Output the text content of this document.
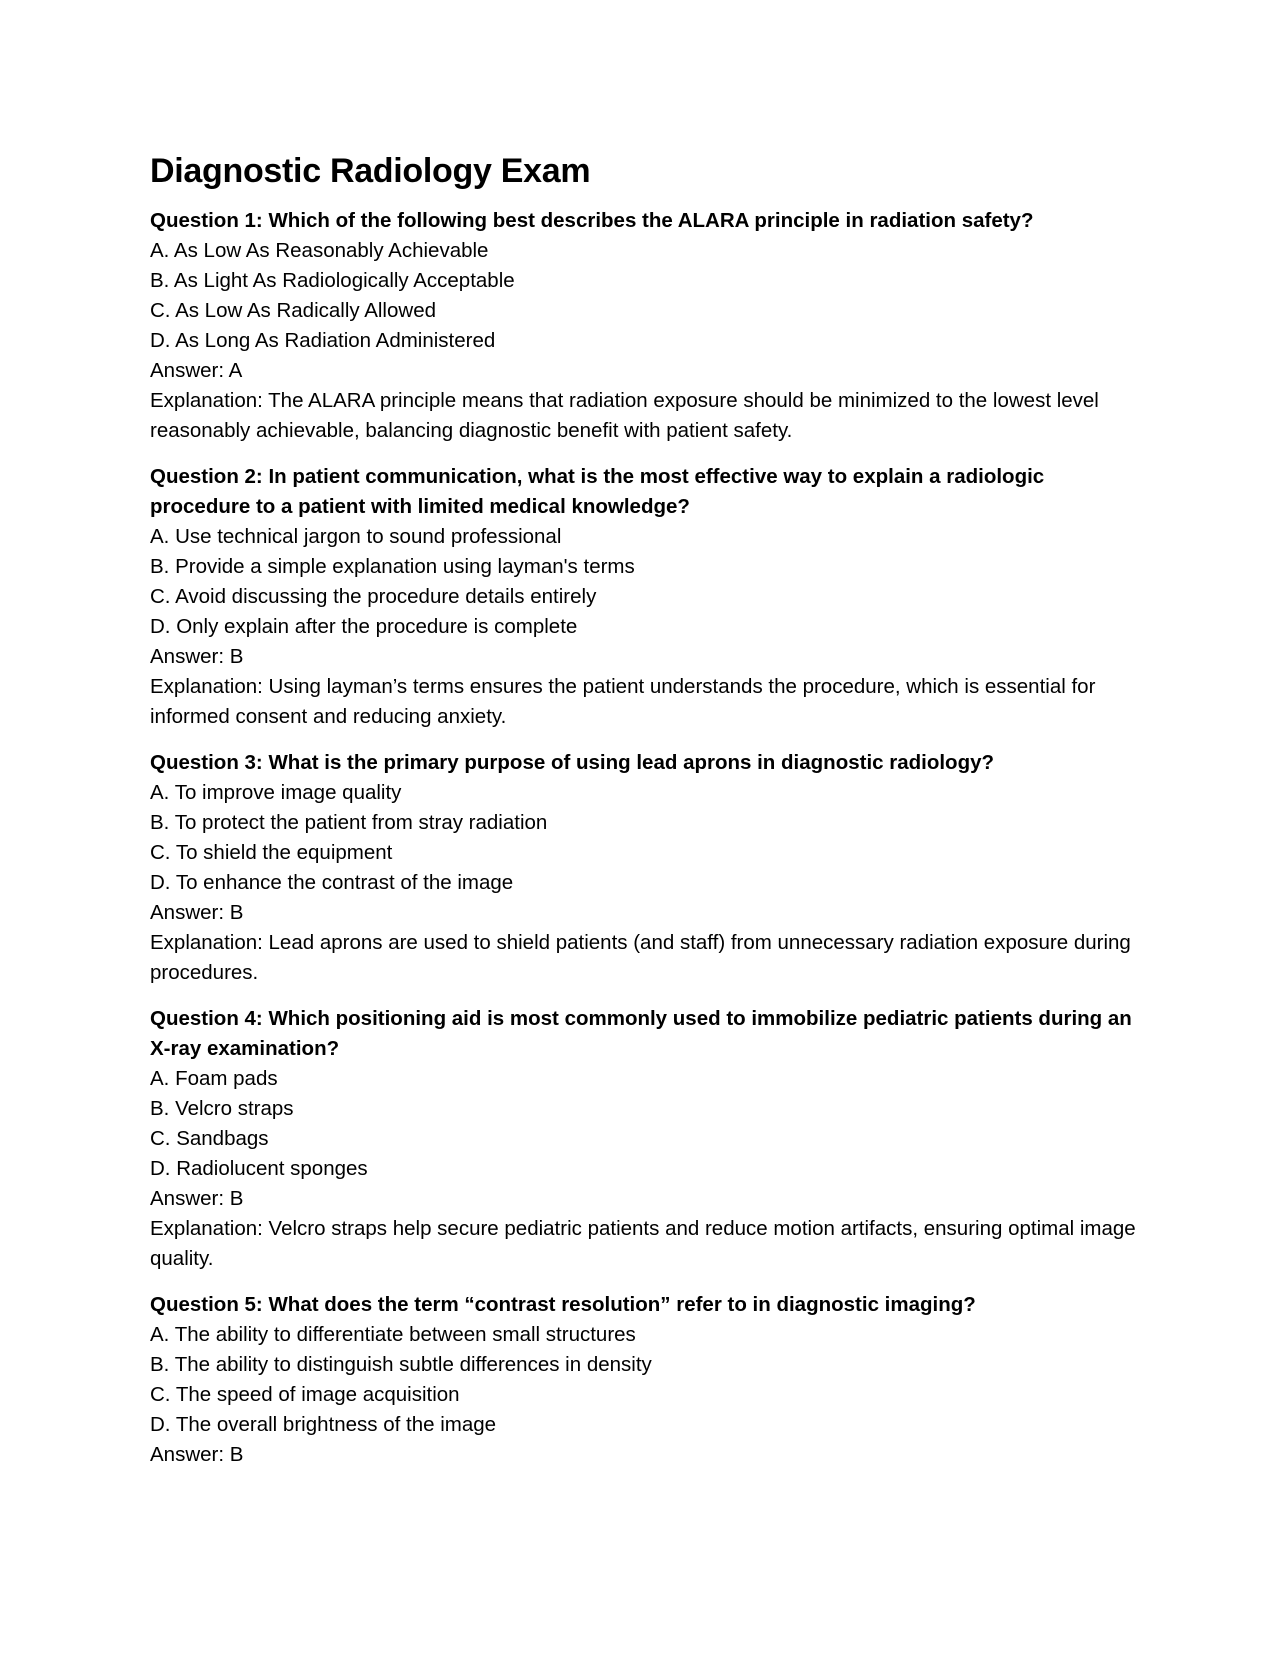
Diagnostic Radiology Exam

Question 1: Which of the following best describes the ALARA principle in radiation safety?

A. As Low As Reasonably Achievable

B. As Light As Radiologically Acceptable

C. As Low As Radically Allowed

D. As Long As Radiation Administered

Answer: A

Explanation: The ALARA principle means that radiation exposure should be minimized to the lowest level reasonably achievable, balancing diagnostic benefit with patient safety.

Question 2: In patient communication, what is the most effective way to explain a radiologic procedure to a patient with limited medical knowledge?

A. Use technical jargon to sound professional

B. Provide a simple explanation using layman's terms

C. Avoid discussing the procedure details entirely

D. Only explain after the procedure is complete

Answer: B

Explanation: Using layman’s terms ensures the patient understands the procedure, which is essential for informed consent and reducing anxiety.

Question 3: What is the primary purpose of using lead aprons in diagnostic radiology?

A. To improve image quality

B. To protect the patient from stray radiation

C. To shield the equipment

D. To enhance the contrast of the image

Answer: B

Explanation: Lead aprons are used to shield patients (and staff) from unnecessary radiation exposure during procedures.

Question 4: Which positioning aid is most commonly used to immobilize pediatric patients during an X-ray examination?

A. Foam pads

B. Velcro straps

C. Sandbags

D. Radiolucent sponges

Answer: B

Explanation: Velcro straps help secure pediatric patients and reduce motion artifacts, ensuring optimal image quality.

Question 5: What does the term “contrast resolution” refer to in diagnostic imaging?

A. The ability to differentiate between small structures

B. The ability to distinguish subtle differences in density

C. The speed of image acquisition

D. The overall brightness of the image

Answer: B
